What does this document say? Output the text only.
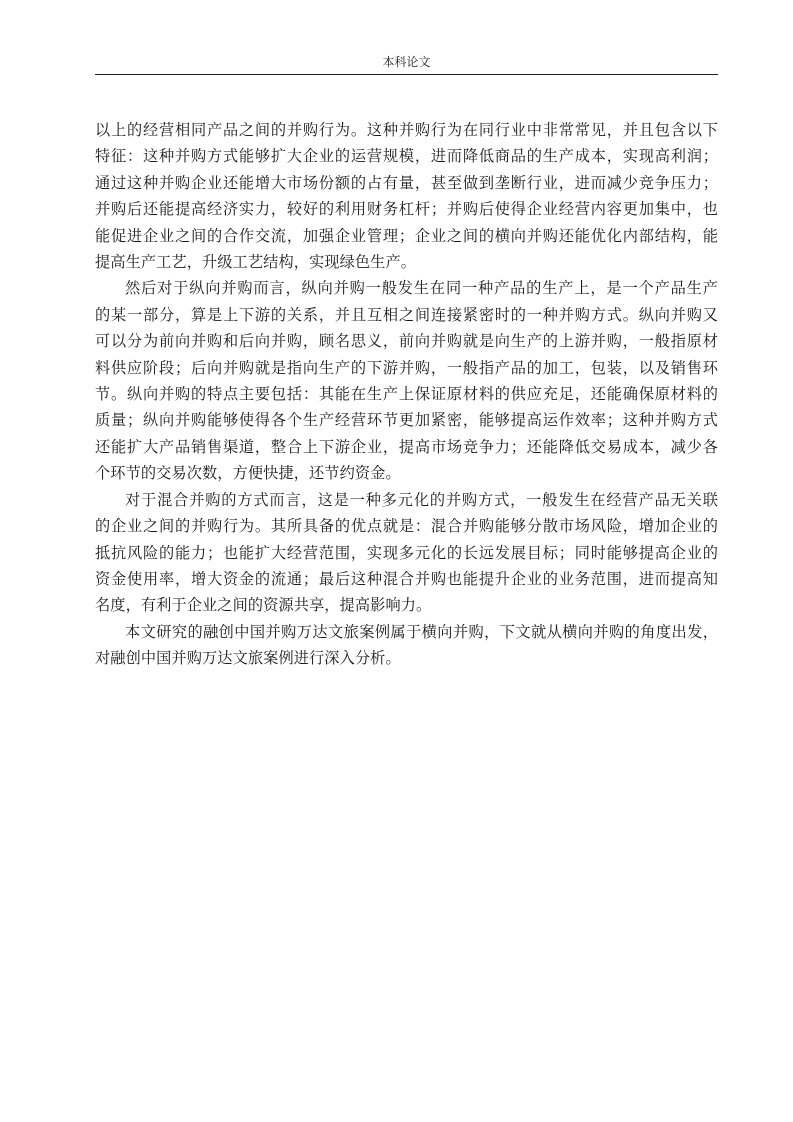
本科论文
以上的经营相同产品之间的并购行为。这种并购行为在同行业中非常常见，并且包含以下
特征：这种并购方式能够扩大企业的运营规模，进而降低商品的生产成本，实现高利润；
通过这种并购企业还能增大市场份额的占有量，甚至做到垄断行业，进而减少竞争压力；
并购后还能提高经济实力，较好的利用财务杠杆；并购后使得企业经营内容更加集中，也
能促进企业之间的合作交流，加强企业管理；企业之间的横向并购还能优化内部结构，能
提高生产工艺，升级工艺结构，实现绿色生产。
然后对于纵向并购而言，纵向并购一般发生在同一种产品的生产上，是一个产品生产
的某一部分，算是上下游的关系，并且互相之间连接紧密时的一种并购方式。纵向并购又
可以分为前向并购和后向并购，顾名思义，前向并购就是向生产的上游并购，一般指原材
料供应阶段；后向并购就是指向生产的下游并购，一般指产品的加工，包装，以及销售环
节。纵向并购的特点主要包括：其能在生产上保证原材料的供应充足，还能确保原材料的
质量；纵向并购能够使得各个生产经营环节更加紧密，能够提高运作效率；这种并购方式
还能扩大产品销售渠道，整合上下游企业，提高市场竞争力；还能降低交易成本，减少各
个环节的交易次数，方便快捷，还节约资金。
对于混合并购的方式而言，这是一种多元化的并购方式，一般发生在经营产品无关联
的企业之间的并购行为。其所具备的优点就是：混合并购能够分散市场风险，增加企业的
抵抗风险的能力；也能扩大经营范围，实现多元化的长远发展目标；同时能够提高企业的
资金使用率，增大资金的流通；最后这种混合并购也能提升企业的业务范围，进而提高知
名度，有利于企业之间的资源共享，提高影响力。
本文研究的融创中国并购万达文旅案例属于横向并购，下文就从横向并购的角度出发，
对融创中国并购万达文旅案例进行深入分析。
